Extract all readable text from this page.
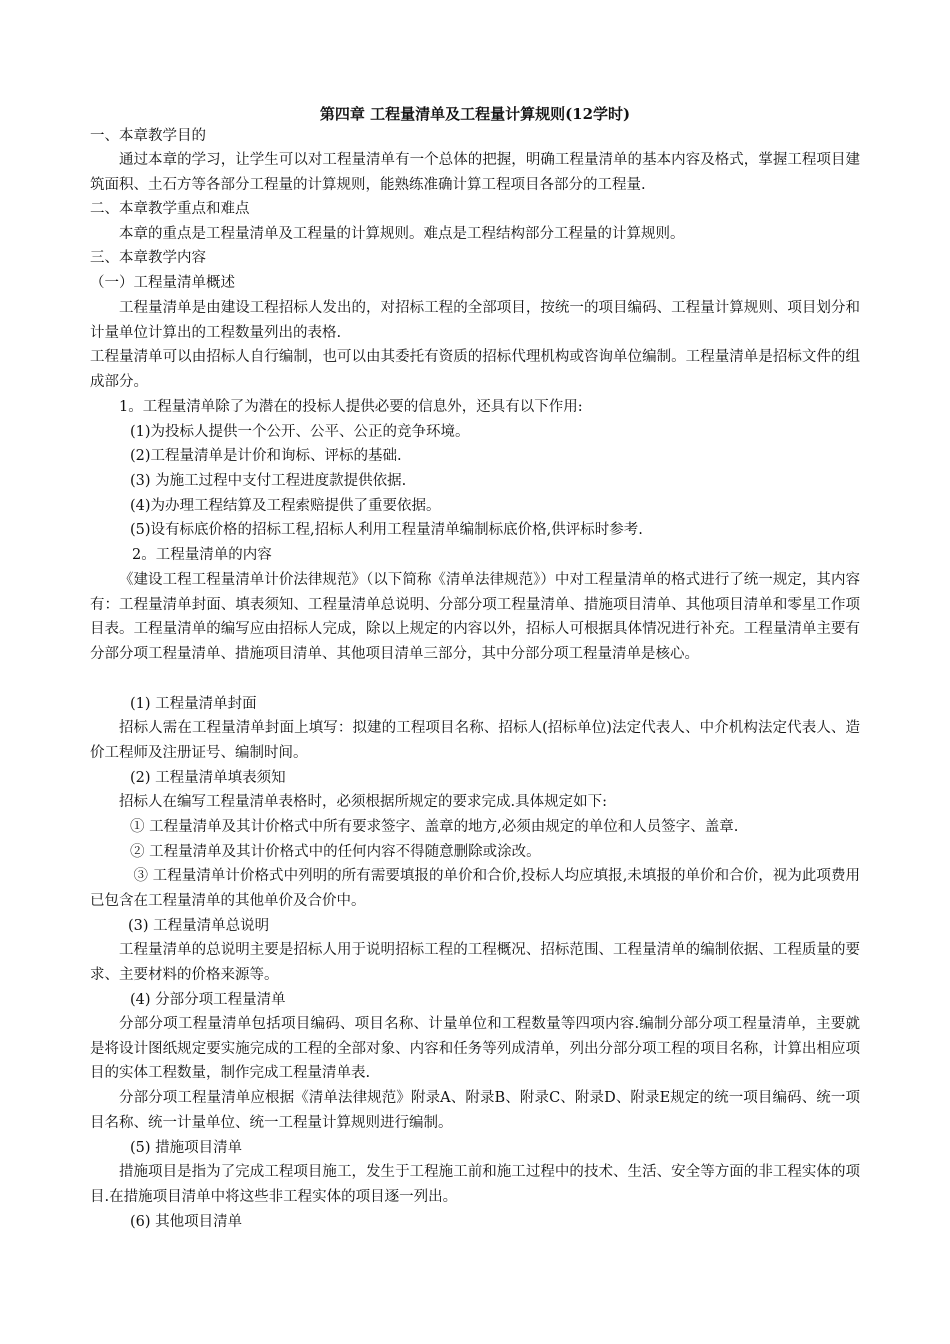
第四章 工程量清单及工程量计算规则(12学时)

一、本章教学目的

通过本章的学习，让学生可以对工程量清单有一个总体的把握，明确工程量清单的基本内容及格式，掌握工程项目建筑面积、土石方等各部分工程量的计算规则，能熟练准确计算工程项目各部分的工程量.

二、本章教学重点和难点

本章的重点是工程量清单及工程量的计算规则。难点是工程结构部分工程量的计算规则。

三、本章教学内容

（一）工程量清单概述

工程量清单是由建设工程招标人发出的，对招标工程的全部项目，按统一的项目编码、工程量计算规则、项目划分和计量单位计算出的工程数量列出的表格.

工程量清单可以由招标人自行编制，也可以由其委托有资质的招标代理机构或咨询单位编制。工程量清单是招标文件的组成部分。

1。工程量清单除了为潜在的投标人提供必要的信息外，还具有以下作用:

(1)为投标人提供一个公开、公平、公正的竞争环境。

(2)工程量清单是计价和询标、评标的基础.

(3) 为施工过程中支付工程进度款提供依据.

(4)为办理工程结算及工程索赔提供了重要依据。

(5)设有标底价格的招标工程,招标人利用工程量清单编制标底价格,供评标时参考.

2。工程量清单的内容

《建设工程工程量清单计价法律规范》（以下简称《清单法律规范》）中对工程量清单的格式进行了统一规定，其内容有：工程量清单封面、填表须知、工程量清单总说明、分部分项工程量清单、措施项目清单、其他项目清单和零星工作项目表。工程量清单的编写应由招标人完成，除以上规定的内容以外，招标人可根据具体情况进行补充。工程量清单主要有分部分项工程量清单、措施项目清单、其他项目清单三部分，其中分部分项工程量清单是核心。

(1) 工程量清单封面

招标人需在工程量清单封面上填写：拟建的工程项目名称、招标人(招标单位)法定代表人、中介机构法定代表人、造价工程师及注册证号、编制时间。

(2) 工程量清单填表须知

招标人在编写工程量清单表格时，必须根据所规定的要求完成.具体规定如下:

① 工程量清单及其计价格式中所有要求签字、盖章的地方,必须由规定的单位和人员签字、盖章.

② 工程量清单及其计价格式中的任何内容不得随意删除或涂改。

③ 工程量清单计价格式中列明的所有需要填报的单价和合价,投标人均应填报,未填报的单价和合价，视为此项费用已包含在工程量清单的其他单价及合价中。

(3) 工程量清单总说明

工程量清单的总说明主要是招标人用于说明招标工程的工程概况、招标范围、工程量清单的编制依据、工程质量的要求、主要材料的价格来源等。

(4) 分部分项工程量清单

分部分项工程量清单包括项目编码、项目名称、计量单位和工程数量等四项内容.编制分部分项工程量清单，主要就是将设计图纸规定要实施完成的工程的全部对象、内容和任务等列成清单，列出分部分项工程的项目名称，计算出相应项目的实体工程数量，制作完成工程量清单表.

分部分项工程量清单应根据《清单法律规范》附录A、附录B、附录C、附录D、附录E规定的统一项目编码、统一项目名称、统一计量单位、统一工程量计算规则进行编制。

(5) 措施项目清单

措施项目是指为了完成工程项目施工，发生于工程施工前和施工过程中的技术、生活、安全等方面的非工程实体的项目.在措施项目清单中将这些非工程实体的项目逐一列出。

(6) 其他项目清单
